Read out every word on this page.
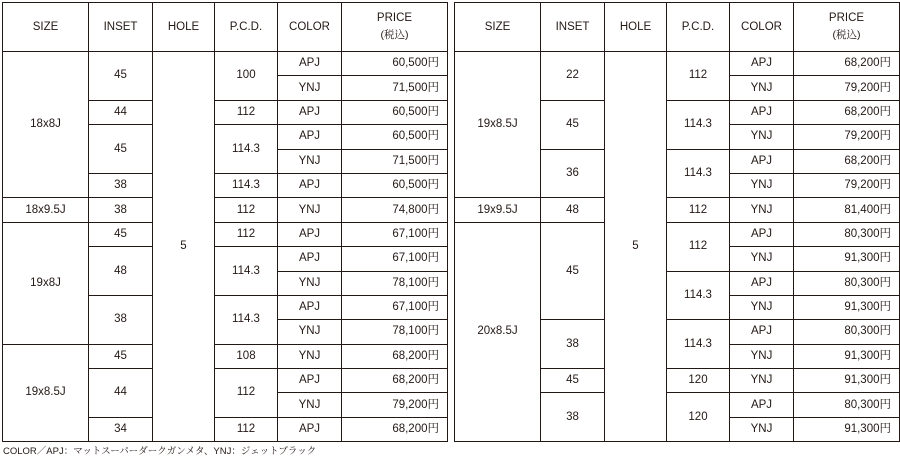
SIZE	INSET	HOLE	P.C.D.	COLOR	PRICE
(税込)

18x8J	45	5	100	APJ	60,500円
				YNJ	71,500円
	44		112	APJ	60,500円
	45		114.3	APJ	60,500円
				YNJ	71,500円
	38		114.3	APJ	60,500円
18x9.5J	38		112	YNJ	74,800円
19x8J	45		112	APJ	67,100円
	48		114.3	APJ	67,100円
				YNJ	78,100円
	38		114.3	APJ	67,100円
				YNJ	78,100円
19x8.5J	45		108	YNJ	68,200円
	44		112	APJ	68,200円
				YNJ	79,200円
	34		112	APJ	68,200円
SIZE	INSET	HOLE	P.C.D.	COLOR	PRICE
(税込)

19x8.5J	22	5	112	APJ	68,200円
				YNJ	79,200円
	45		114.3	APJ	68,200円
				YNJ	79,200円
	36		114.3	APJ	68,200円
				YNJ	79,200円
19x9.5J	48		112	YNJ	81,400円
20x8.5J	45		112	APJ	80,300円
				YNJ	91,300円
			114.3	APJ	80,300円
				YNJ	91,300円
	38		114.3	APJ	80,300円
				YNJ	91,300円
	45		120	YNJ	91,300円
	38		120	APJ	80,300円
				YNJ	91,300円
COLOR／APJ：マットスーパーダークガンメタ、YNJ：ジェットブラック
